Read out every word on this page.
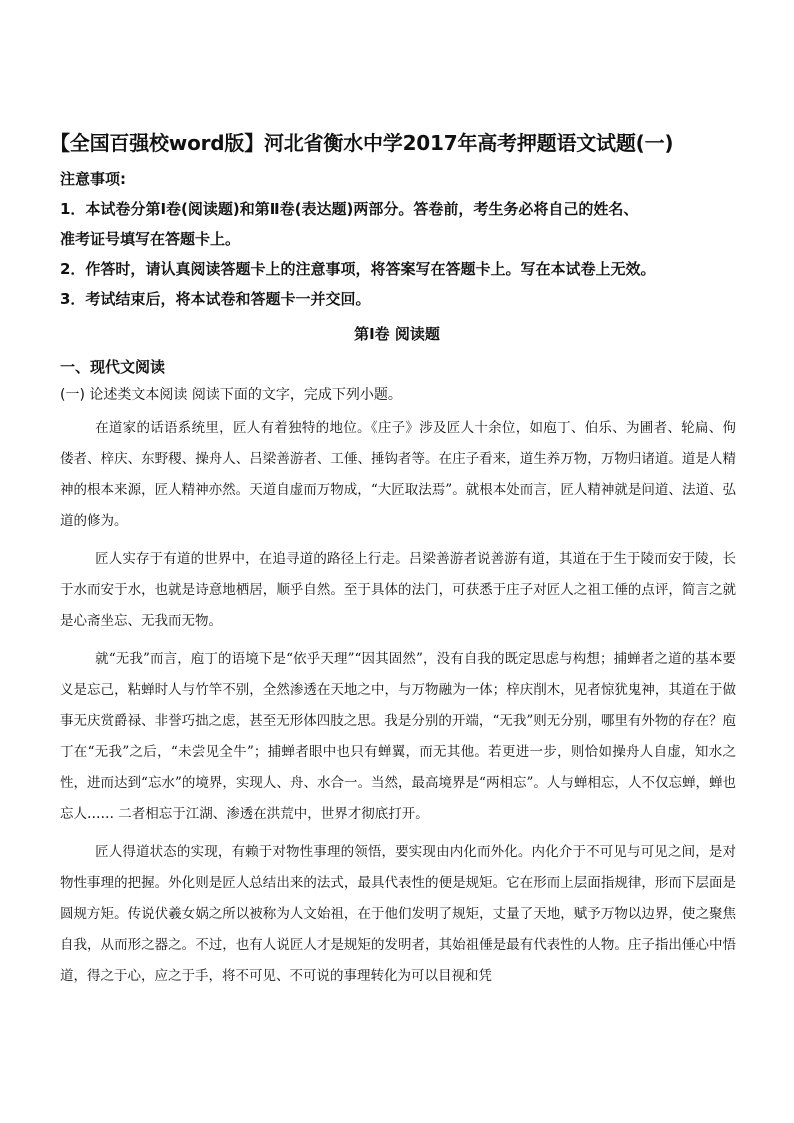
【全国百强校word版】河北省衡水中学2017年高考押题语文试题(一)
注意事项:
1．本试卷分第Ⅰ卷(阅读题)和第Ⅱ卷(表达题)两部分。答卷前，考生务必将自己的姓名、
准考证号填写在答题卡上。
2．作答时，请认真阅读答题卡上的注意事项，将答案写在答题卡上。写在本试卷上无效。
3．考试结束后，将本试卷和答题卡一并交回。
第Ⅰ卷 阅读题
一、现代文阅读
(一) 论述类文本阅读 阅读下面的文字，完成下列小题。

在道家的话语系统里，匠人有着独特的地位。《庄子》涉及匠人十余位，如庖丁、伯乐、为圃者、轮扁、佝偻者、梓庆、东野稷、操舟人、吕梁善游者、工倕、捶钩者等。在庄子看来，道生养万物，万物归诸道。道是人精神的根本来源，匠人精神亦然。天道自虚而万物成，“大匠取法焉”。就根本处而言，匠人精神就是问道、法道、弘道的修为。

匠人实存于有道的世界中，在追寻道的路径上行走。吕梁善游者说善游有道，其道在于生于陵而安于陵，长于水而安于水，也就是诗意地栖居，顺乎自然。至于具体的法门，可获悉于庄子对匠人之祖工倕的点评，简言之就是心斋坐忘、无我而无物。

就“无我”而言，庖丁的语境下是“依乎天理”“因其固然”，没有自我的既定思虑与构想；捕蝉者之道的基本要义是忘己，粘蝉时人与竹竿不别，全然渗透在天地之中，与万物融为一体；梓庆削木，见者惊犹鬼神，其道在于做事无庆赏爵禄、非誉巧拙之虑，甚至无形体四肢之思。我是分别的开端，“无我”则无分别，哪里有外物的存在？庖丁在“无我”之后，“未尝见全牛”；捕蝉者眼中也只有蝉翼，而无其他。若更进一步，则恰如操舟人自虚，知水之性，进而达到“忘水”的境界，实现人、舟、水合一。当然，最高境界是“两相忘”。人与蝉相忘，人不仅忘蝉，蝉也忘人…… 二者相忘于江湖、渗透在洪荒中，世界才彻底打开。

匠人得道状态的实现，有赖于对物性事理的领悟，要实现由内化而外化。内化介于不可见与可见之间，是对物性事理的把握。外化则是匠人总结出来的法式，最具代表性的便是规矩。它在形而上层面指规律，形而下层面是圆规方矩。传说伏羲女娲之所以被称为人文始祖，在于他们发明了规矩，丈量了天地，赋予万物以边界，使之聚焦自我，从而形之器之。不过，也有人说匠人才是规矩的发明者，其始祖倕是最有代表性的人物。庄子指出倕心中悟道，得之于心，应之于手，将不可见、不可说的事理转化为可以目视和凭
